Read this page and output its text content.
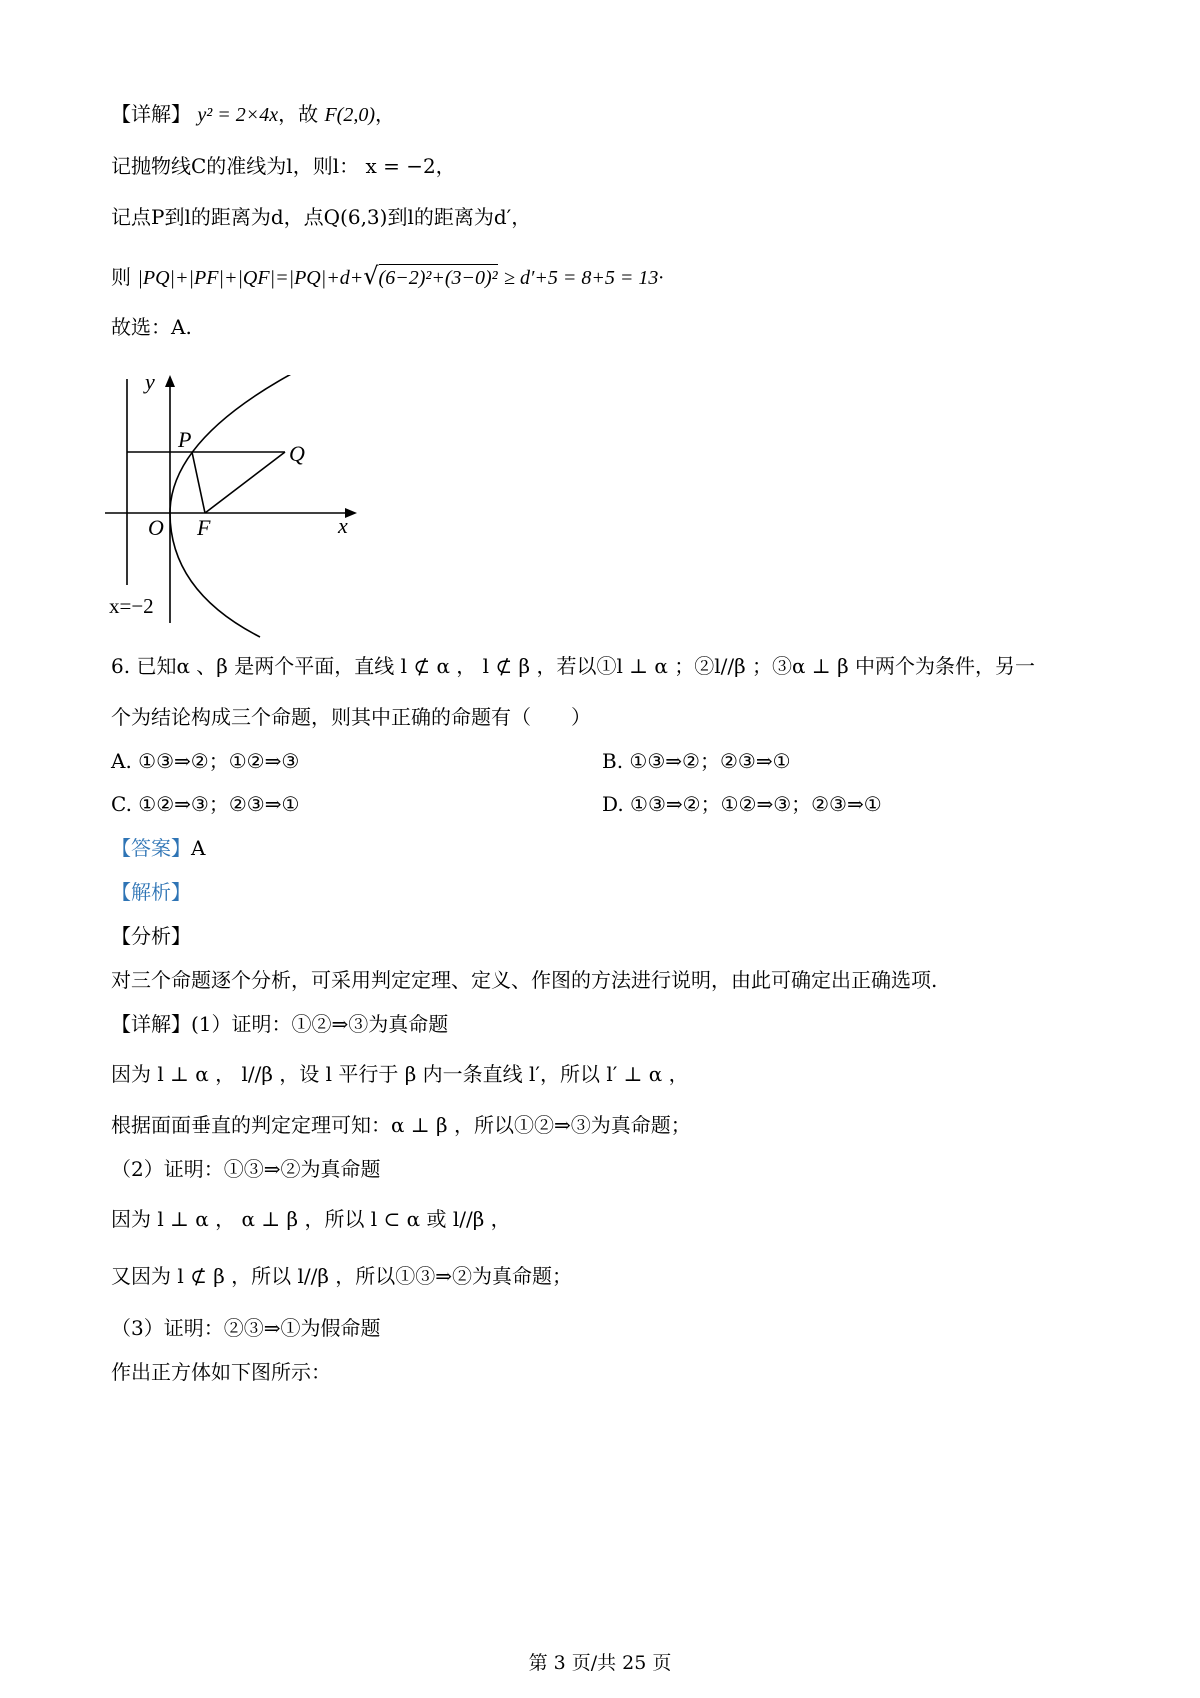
【详解】 y² = 2×4x，故 F(2,0)，
记抛物线C的准线为l，则l： x = −2，
记点P到l的距离为d，点Q(6,3)到l的距离为d′，
则 |PQ|+|PF|+|QF|=|PQ|+d+√(6−2)²+(3−0)² ≥ d′+5 = 8+5 = 13·
故选：A.
y
x
O F
P
Q
x=−2
6. 已知α 、β 是两个平面，直线 l ⊄ α ， l ⊄ β ，若以①l ⊥ α ；②l//β ；③α ⊥ β 中两个为条件，另一
个为结论构成三个命题，则其中正确的命题有（　　）
A. ①③⇒②；①②⇒③	B. ①③⇒②；②③⇒①
C. ①②⇒③；②③⇒①	D. ①③⇒②；①②⇒③；②③⇒①
【答案】A
【解析】
【分析】
对三个命题逐个分析，可采用判定定理、定义、作图的方法进行说明，由此可确定出正确选项.
【详解】(1）证明：①②⇒③为真命题
因为 l ⊥ α ， l//β ，设 l 平行于 β 内一条直线 l′，所以 l′ ⊥ α ，
根据面面垂直的判定定理可知：α ⊥ β ，所以①②⇒③为真命题；
（2）证明：①③⇒②为真命题
因为 l ⊥ α ， α ⊥ β ，所以 l ⊂ α 或 l//β ，
又因为 l ⊄ β ，所以 l//β ，所以①③⇒②为真命题；
（3）证明：②③⇒①为假命题
作出正方体如下图所示：
第 3 页/共 25 页
